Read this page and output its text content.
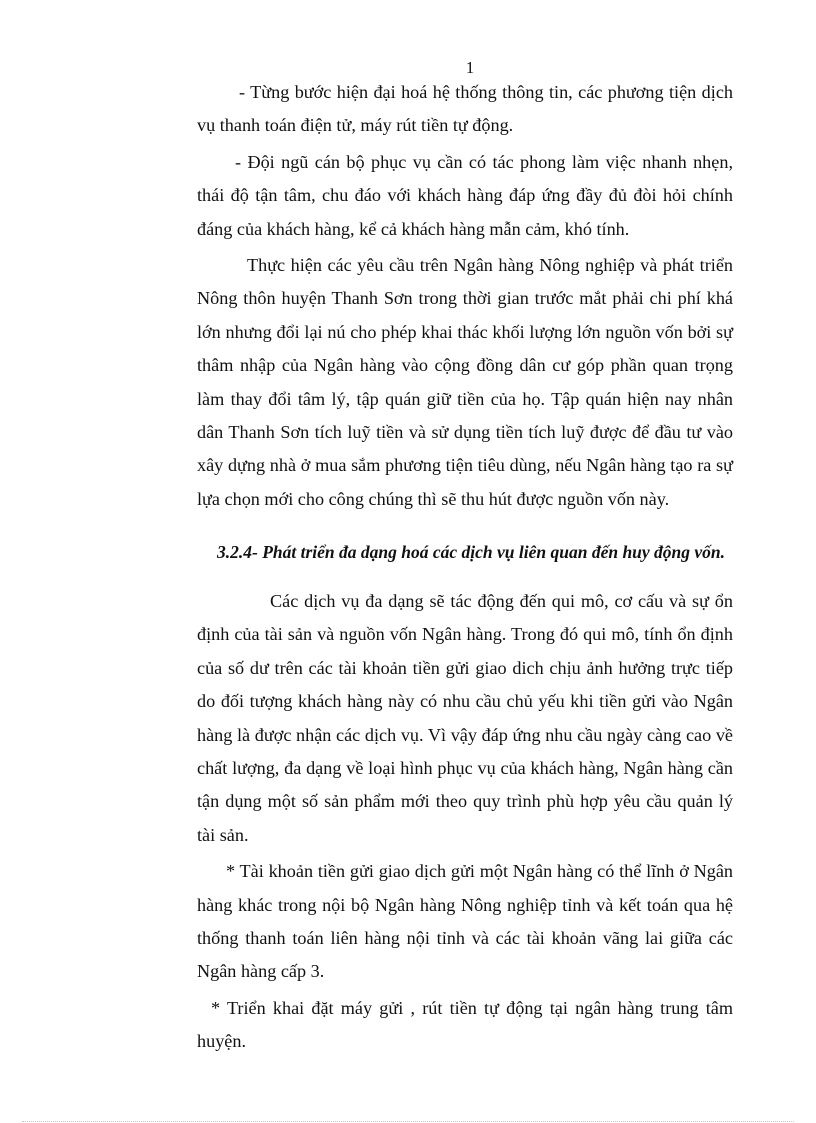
1

- Từng bước hiện đại hoá hệ thống thông tin, các phương tiện dịch vụ thanh toán điện tử, máy rút tiền tự động.

- Đội ngũ cán bộ phục vụ cần có tác phong làm việc nhanh nhẹn, thái độ tận tâm, chu đáo với khách hàng đáp ứng đầy đủ đòi hỏi chính đáng của khách hàng, kể cả khách hàng mẫn cảm, khó tính.

Thực hiện các yêu cầu trên Ngân hàng Nông nghiệp và phát triển Nông thôn huyện Thanh Sơn trong thời gian trước mắt phải chi phí khá lớn nhưng đổi lại nú cho phép khai thác khối lượng lớn nguồn vốn bởi sự thâm nhập của Ngân hàng vào cộng đồng dân cư góp phần quan trọng làm thay đổi tâm lý, tập quán giữ tiền của họ. Tập quán hiện nay nhân dân Thanh Sơn tích luỹ tiền và sử dụng tiền tích luỹ được để đầu tư vào xây dựng nhà ở mua sắm phương tiện tiêu dùng, nếu Ngân hàng tạo ra sự lựa chọn mới cho công chúng thì sẽ thu hút được nguồn vốn này.

3.2.4- Phát triển đa dạng hoá các dịch vụ liên quan đến huy động vốn.

Các dịch vụ đa dạng sẽ tác động đến qui mô, cơ cấu và sự ổn định của tài sản và nguồn vốn Ngân hàng. Trong đó qui mô, tính ổn định của số dư trên các tài khoản tiền gửi giao dich chịu ảnh hưởng trực tiếp do đối tượng khách hàng này có nhu cầu chủ yếu khi tiền gửi vào Ngân hàng là được nhận các dịch vụ. Vì vậy đáp ứng nhu cầu ngày càng cao về chất lượng, đa dạng về loại hình phục vụ của khách hàng, Ngân hàng cần tận dụng một số sản phẩm mới theo quy trình phù hợp yêu cầu quản lý tài sản.

* Tài khoản tiền gửi giao dịch gửi một Ngân hàng có thể lĩnh ở Ngân hàng khác trong nội bộ Ngân hàng Nông nghiệp tỉnh và kết toán qua hệ thống thanh toán liên hàng nội tỉnh và các tài khoản vãng lai giữa các Ngân hàng cấp 3.

* Triển khai đặt máy gửi , rút tiền tự động tại ngân hàng trung tâm huyện.
